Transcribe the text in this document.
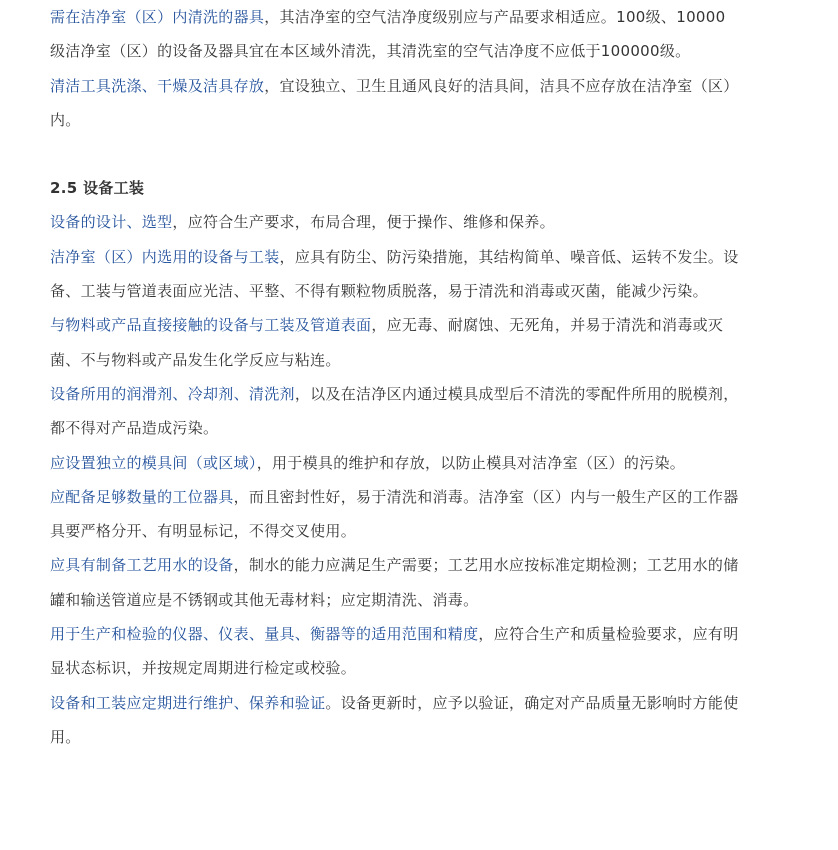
需在洁净室（区）内清洗的器具，其洁净室的空气洁净度级别应与产品要求相适应。100级、10000级洁净室（区）的设备及器具宜在本区域外清洗，其清洗室的空气洁净度不应低于100000级。

清洁工具洗涤、干燥及洁具存放，宜设独立、卫生且通风良好的洁具间，洁具不应存放在洁净室（区）内。

2.5 设备工装

设备的设计、选型，应符合生产要求，布局合理，便于操作、维修和保养。

洁净室（区）内选用的设备与工装，应具有防尘、防污染措施，其结构简单、噪音低、运转不发尘。设备、工装与管道表面应光洁、平整、不得有颗粒物质脱落，易于清洗和消毒或灭菌，能减少污染。

与物料或产品直接接触的设备与工装及管道表面，应无毒、耐腐蚀、无死角，并易于清洗和消毒或灭菌、不与物料或产品发生化学反应与粘连。

设备所用的润滑剂、冷却剂、清洗剂，以及在洁净区内通过模具成型后不清洗的零配件所用的脱模剂，都不得对产品造成污染。

应设置独立的模具间（或区域），用于模具的维护和存放，以防止模具对洁净室（区）的污染。

应配备足够数量的工位器具，而且密封性好，易于清洗和消毒。洁净室（区）内与一般生产区的工作器具要严格分开、有明显标记，不得交叉使用。

应具有制备工艺用水的设备，制水的能力应满足生产需要；工艺用水应按标准定期检测；工艺用水的储罐和输送管道应是不锈钢或其他无毒材料；应定期清洗、消毒。

用于生产和检验的仪器、仪表、量具、衡器等的适用范围和精度，应符合生产和质量检验要求，应有明显状态标识，并按规定周期进行检定或校验。

设备和工装应定期进行维护、保养和验证。设备更新时，应予以验证，确定对产品质量无影响时方能使用。
